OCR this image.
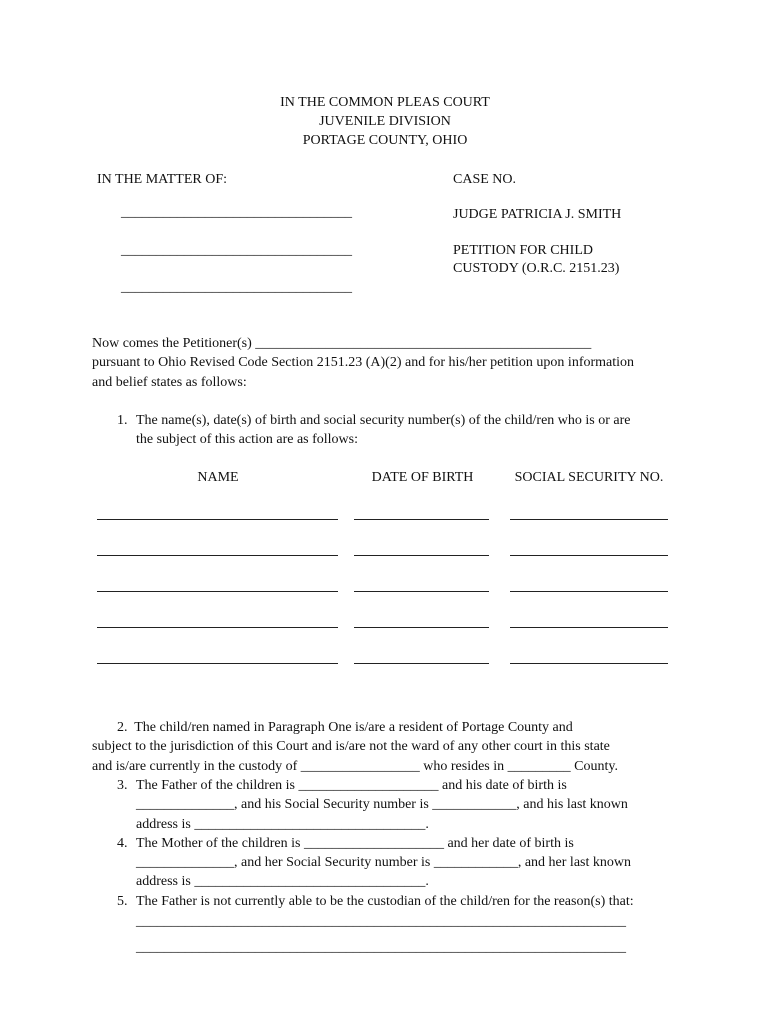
IN THE COMMON PLEAS COURT
JUVENILE DIVISION
PORTAGE COUNTY, OHIO
IN THE MATTER OF:
_________________________________
_________________________________
_________________________________
CASE NO.
JUDGE PATRICIA J. SMITH
PETITION FOR CHILD
CUSTODY (O.R.C. 2151.23)
Now comes the Petitioner(s) ________________________________________________
pursuant to Ohio Revised Code Section 2151.23 (A)(2) and for his/her petition upon information
and belief states as follows:
1. The name(s), date(s) of birth and social security number(s) of the child/ren who is or are
the subject of this action are as follows:
NAME	DATE OF BIRTH	SOCIAL SECURITY NO.
2.  The child/ren named in Paragraph One is/are a resident of Portage County and
subject to the jurisdiction of this Court and is/are not the ward of any other court in this state
and is/are currently in the custody of _________________ who resides in _________ County.
3. The Father of the children is ____________________ and his date of birth is
______________, and his Social Security number is ____________, and his last known
address is _________________________________.
4. The Mother of the children is ____________________ and her date of birth is
______________, and her Social Security number is ____________, and her last known
address is _________________________________.
5. The Father is not currently able to be the custodian of the child/ren for the reason(s) that:
______________________________________________________________________
______________________________________________________________________
